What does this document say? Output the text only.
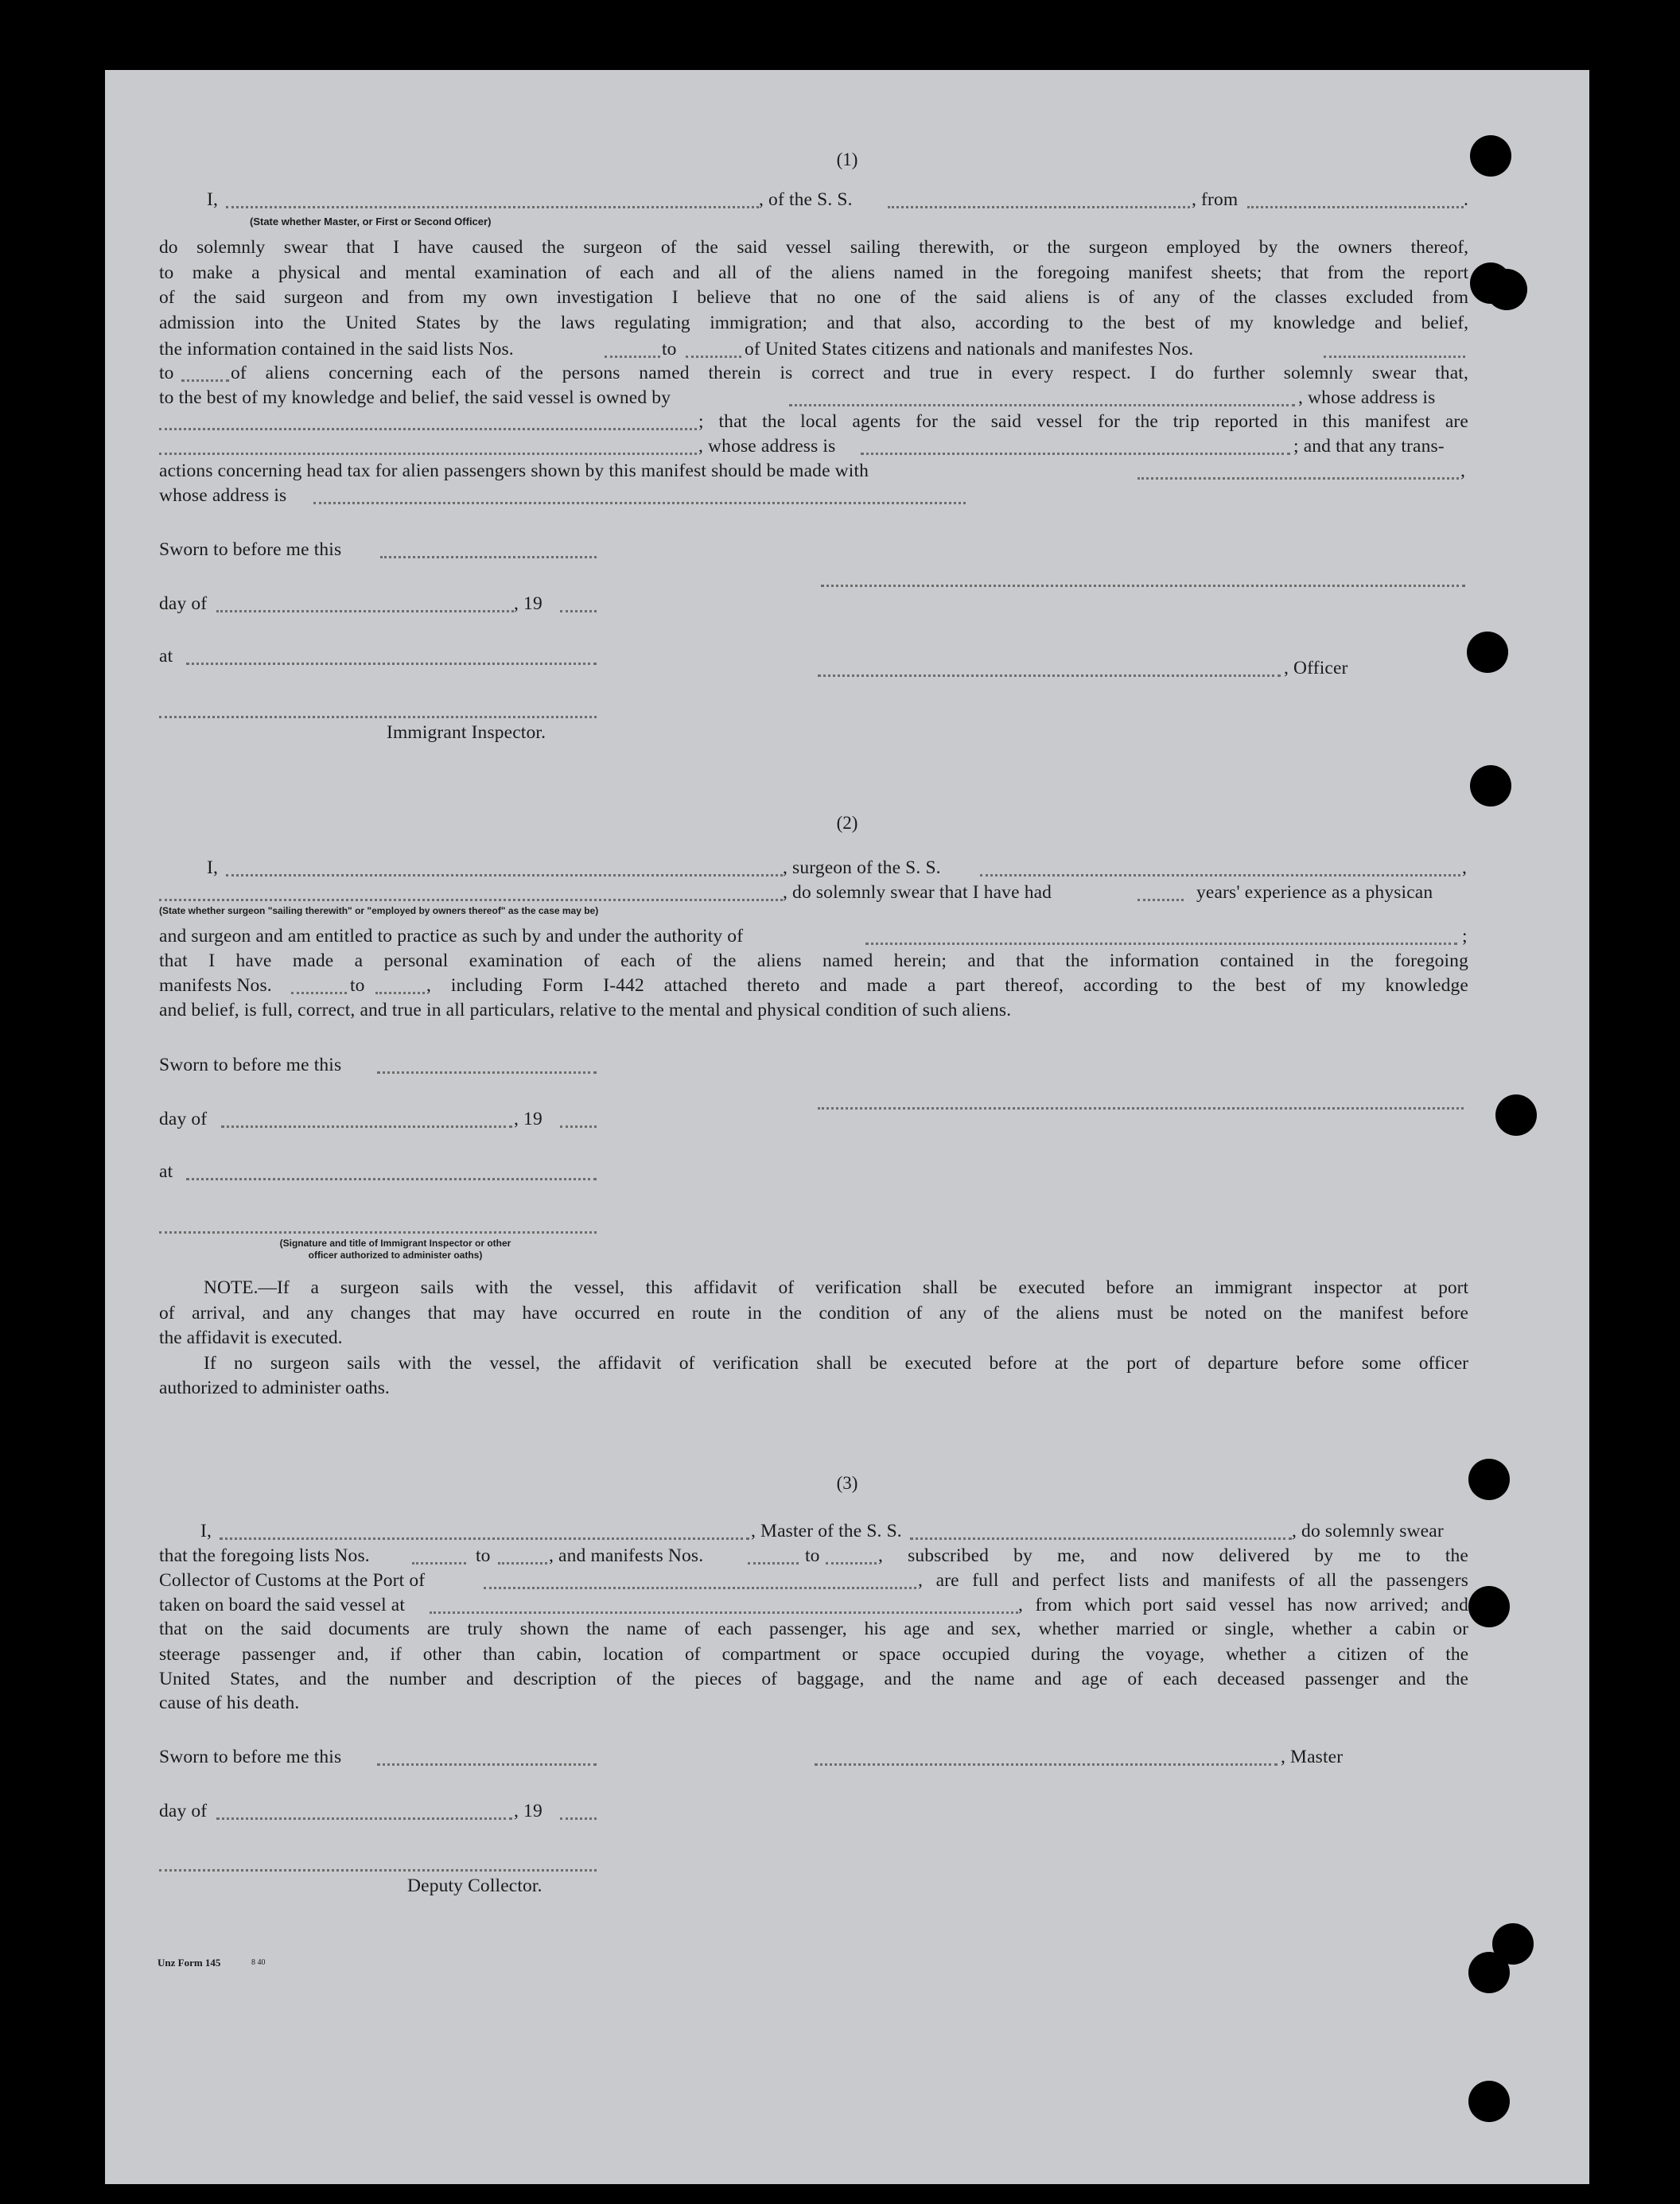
(1)
I,	, of the S. S.	, from	.
(State whether Master, or First or Second Officer)
do solemnly swear that I have caused the surgeon of the said vessel sailing therewith, or the surgeon employed by the owners thereof,
to make a physical and mental examination of each and all of the aliens named in the foregoing manifest sheets; that from the report
of the said surgeon and from my own investigation I believe that no one of the said aliens is of any of the classes excluded from
admission into the United States by the laws regulating immigration; and that also, according to the best of my knowledge and belief,
the information contained in the said lists Nos.	to	of United States citizens and nationals and manifestes Nos.
to	of aliens concerning each of the persons named therein is correct and true in every respect. I do further solemnly swear that,
to the best of my knowledge and belief, the said vessel is owned by	, whose address is
; that the local agents for the said vessel for the trip reported in this manifest are
, whose address is	; and that any trans-
actions concerning head tax for alien passengers shown by this manifest should be made with	,
whose address is
Sworn to before me this
day of	, 19
at
, Officer
Immigrant Inspector.
(2)
I,	, surgeon of the S. S.	,
, do solemnly swear that I have had	years' experience as a physican
(State whether surgeon "sailing therewith" or "employed by owners thereof" as the case may be)
and surgeon and am entitled to practice as such by and under the authority of	;
that I have made a personal examination of each of the aliens named herein; and that the information contained in the foregoing
manifests Nos.	to	, including Form I-442 attached thereto and made a part thereof, according to the best of my knowledge
and belief, is full, correct, and true in all particulars, relative to the mental and physical condition of such aliens.
Sworn to before me this
day of	, 19
at
(Signature and title of Immigrant Inspector or other
officer authorized to administer oaths)
NOTE.—If a surgeon sails with the vessel, this affidavit of verification shall be executed before an immigrant inspector at port
of arrival, and any changes that may have occurred en route in the condition of any of the aliens must be noted on the manifest before
the affidavit is executed.
If no surgeon sails with the vessel, the affidavit of verification shall be executed before at the port of departure before some officer
authorized to administer oaths.
(3)
I,	, Master of the S. S.	, do solemnly swear
that the foregoing lists Nos.	to	, and manifests Nos.	to	, subscribed by me, and now delivered by me to the
Collector of Customs at the Port of	, are full and perfect lists and manifests of all the passengers
taken on board the said vessel at	, from which port said vessel has now arrived; and
that on the said documents are truly shown the name of each passenger, his age and sex, whether married or single, whether a cabin or
steerage passenger and, if other than cabin, location of compartment or space occupied during the voyage, whether a citizen of the
United States, and the number and description of the pieces of baggage, and the name and age of each deceased passenger and the
cause of his death.
Sworn to before me this	, Master
day of	, 19
Deputy Collector.
Unz Form 145	8 40
